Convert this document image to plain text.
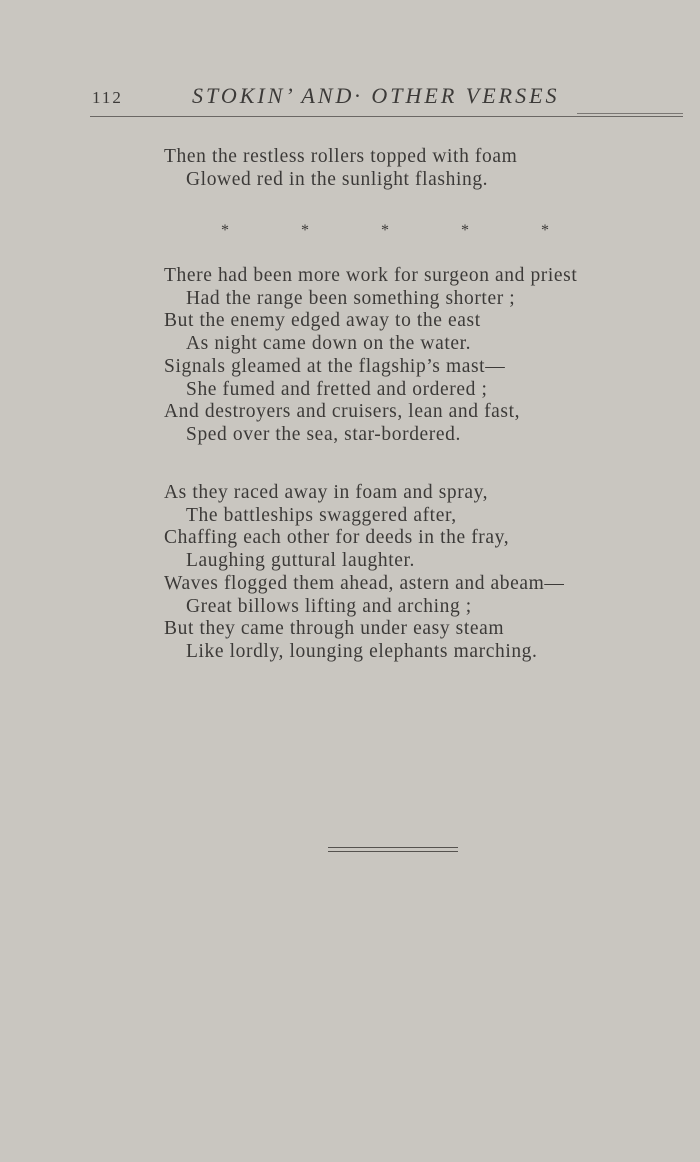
112	STOKIN’ AND· OTHER VERSES
Then the restless rollers topped with foam
Glowed red in the sunlight flashing.
*	*	*	*	*
There had been more work for surgeon and priest
Had the range been something shorter ;
But the enemy edged away to the east
As night came down on the water.
Signals gleamed at the flagship’s mast—
She fumed and fretted and ordered ;
And destroyers and cruisers, lean and fast,
Sped over the sea, star-bordered.
As they raced away in foam and spray,
The battleships swaggered after,
Chaffing each other for deeds in the fray,
Laughing guttural laughter.
Waves flogged them ahead, astern and abeam—
Great billows lifting and arching ;
But they came through under easy steam
Like lordly, lounging elephants marching.
